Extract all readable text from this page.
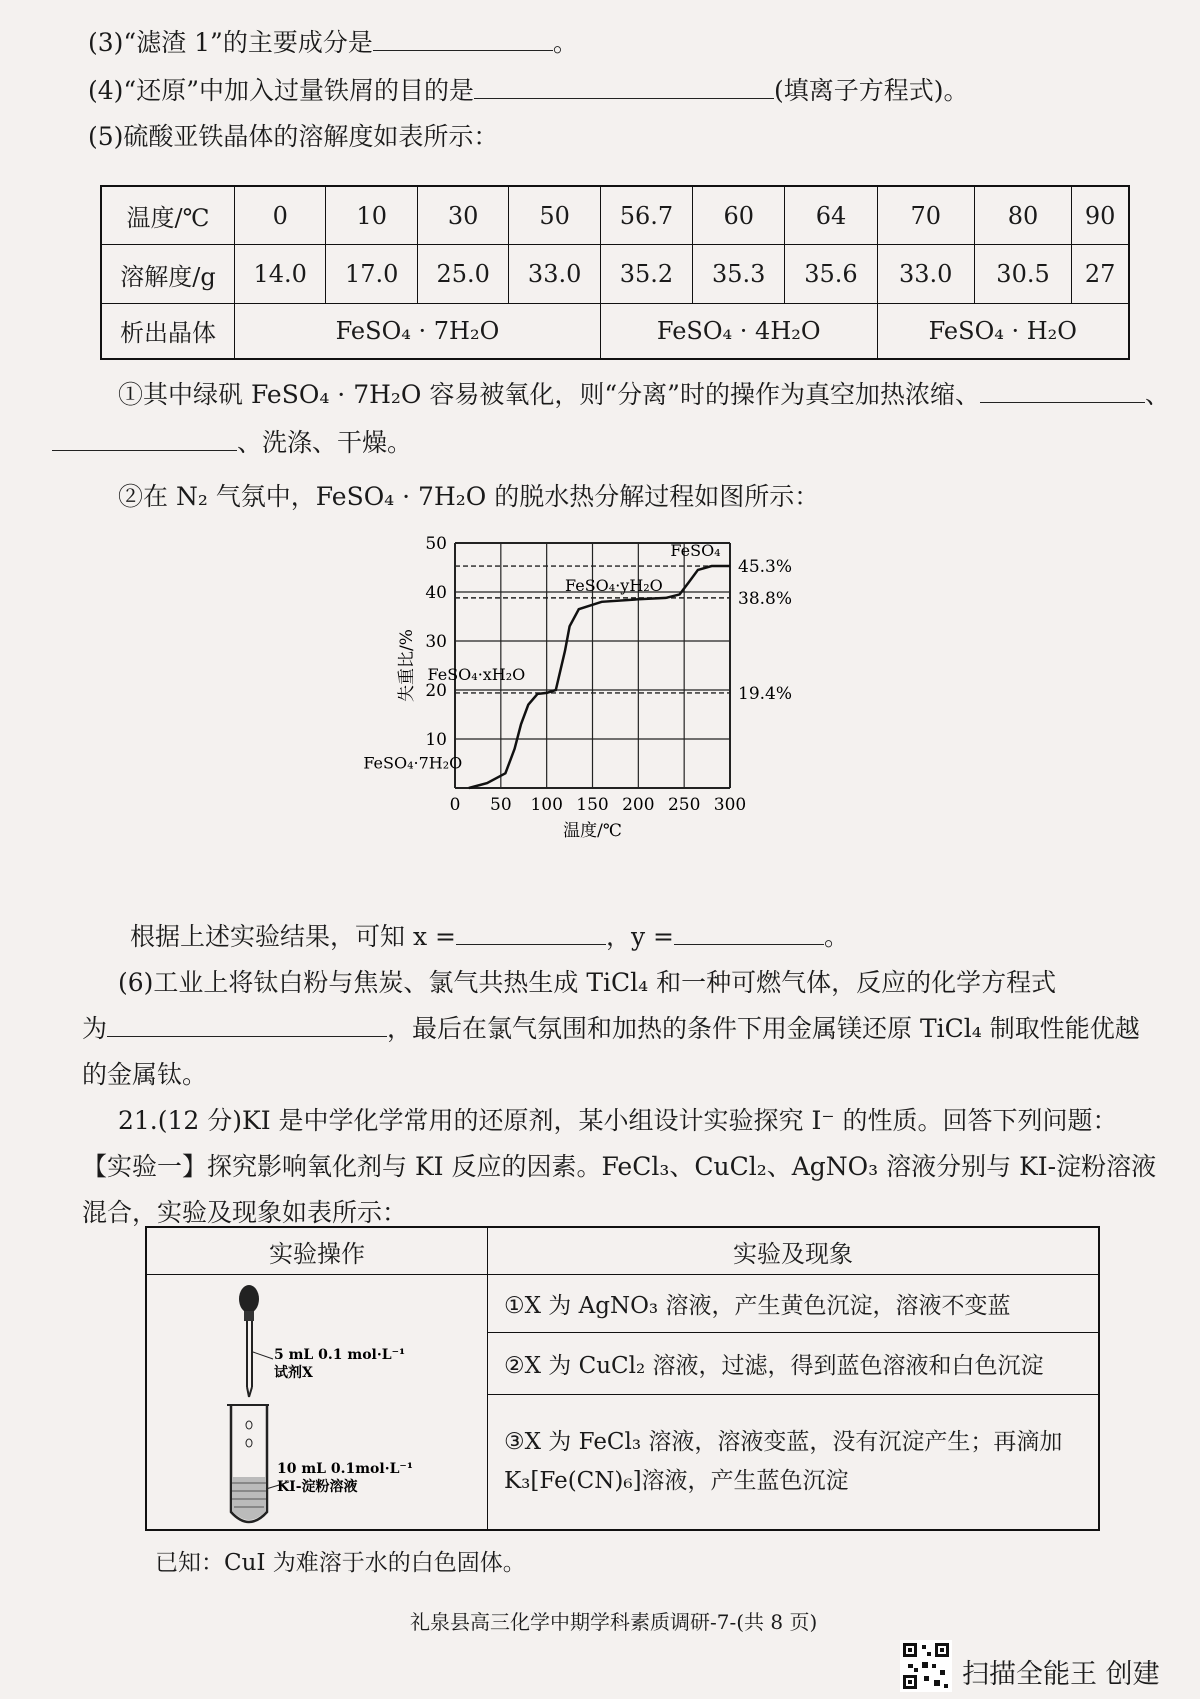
(3)“滤渣 1”的主要成分是	。
(4)“还原”中加入过量铁屑的目的是	(填离子方程式)。
(5)硫酸亚铁晶体的溶解度如表所示：
温度/℃	0	10	30	50	56.7	60	64	70	80	90
溶解度/g	14.0	17.0	25.0	33.0	35.2	35.3	35.6	33.0	30.5	27
析出晶体	FeSO₄ · 7H₂O				FeSO₄ · 4H₂O			FeSO₄ · H₂O		
①其中绿矾 FeSO₄ · 7H₂O 容易被氧化，则“分离”时的操作为真空加热浓缩、	、
、洗涤、干燥。
②在 N₂ 气氛中，FeSO₄ · 7H₂O 的脱水热分解过程如图所示：
0 50 100 150 200 250 300
10
20
30
40
50
温度/℃
失重比/%
45.3%
38.8%
19.4%
FeSO₄
FeSO₄·yH₂O
FeSO₄·xH₂O
FeSO₄·7H₂O
根据上述实验结果，可知 x =	，y =	。
(6)工业上将钛白粉与焦炭、氯气共热生成 TiCl₄ 和一种可燃气体，反应的化学方程式
为	，最后在氯气氛围和加热的条件下用金属镁还原 TiCl₄ 制取性能优越
的金属钛。
21.(12 分)KI 是中学化学常用的还原剂，某小组设计实验探究 I⁻ 的性质。回答下列问题：
【实验一】探究影响氧化剂与 KI 反应的因素。FeCl₃、CuCl₂、AgNO₃ 溶液分别与 KI-淀粉溶液
混合，实验及现象如表所示：
实验操作	实验及现象

5 mL 0.1 mol·L⁻¹
试剂X
10 mL 0.1mol·L⁻¹
KI-淀粉溶液	①X 为 AgNO₃ 溶液，产生黄色沉淀，溶液不变蓝
	②X 为 CuCl₂ 溶液，过滤，得到蓝色溶液和白色沉淀
	③X 为 FeCl₃ 溶液，溶液变蓝，没有沉淀产生；再滴加
K₃[Fe(CN)₆]溶液，产生蓝色沉淀
已知：CuI 为难溶于水的白色固体。
礼泉县高三化学中期学科素质调研-7-(共 8 页)
扫描全能王 创建
